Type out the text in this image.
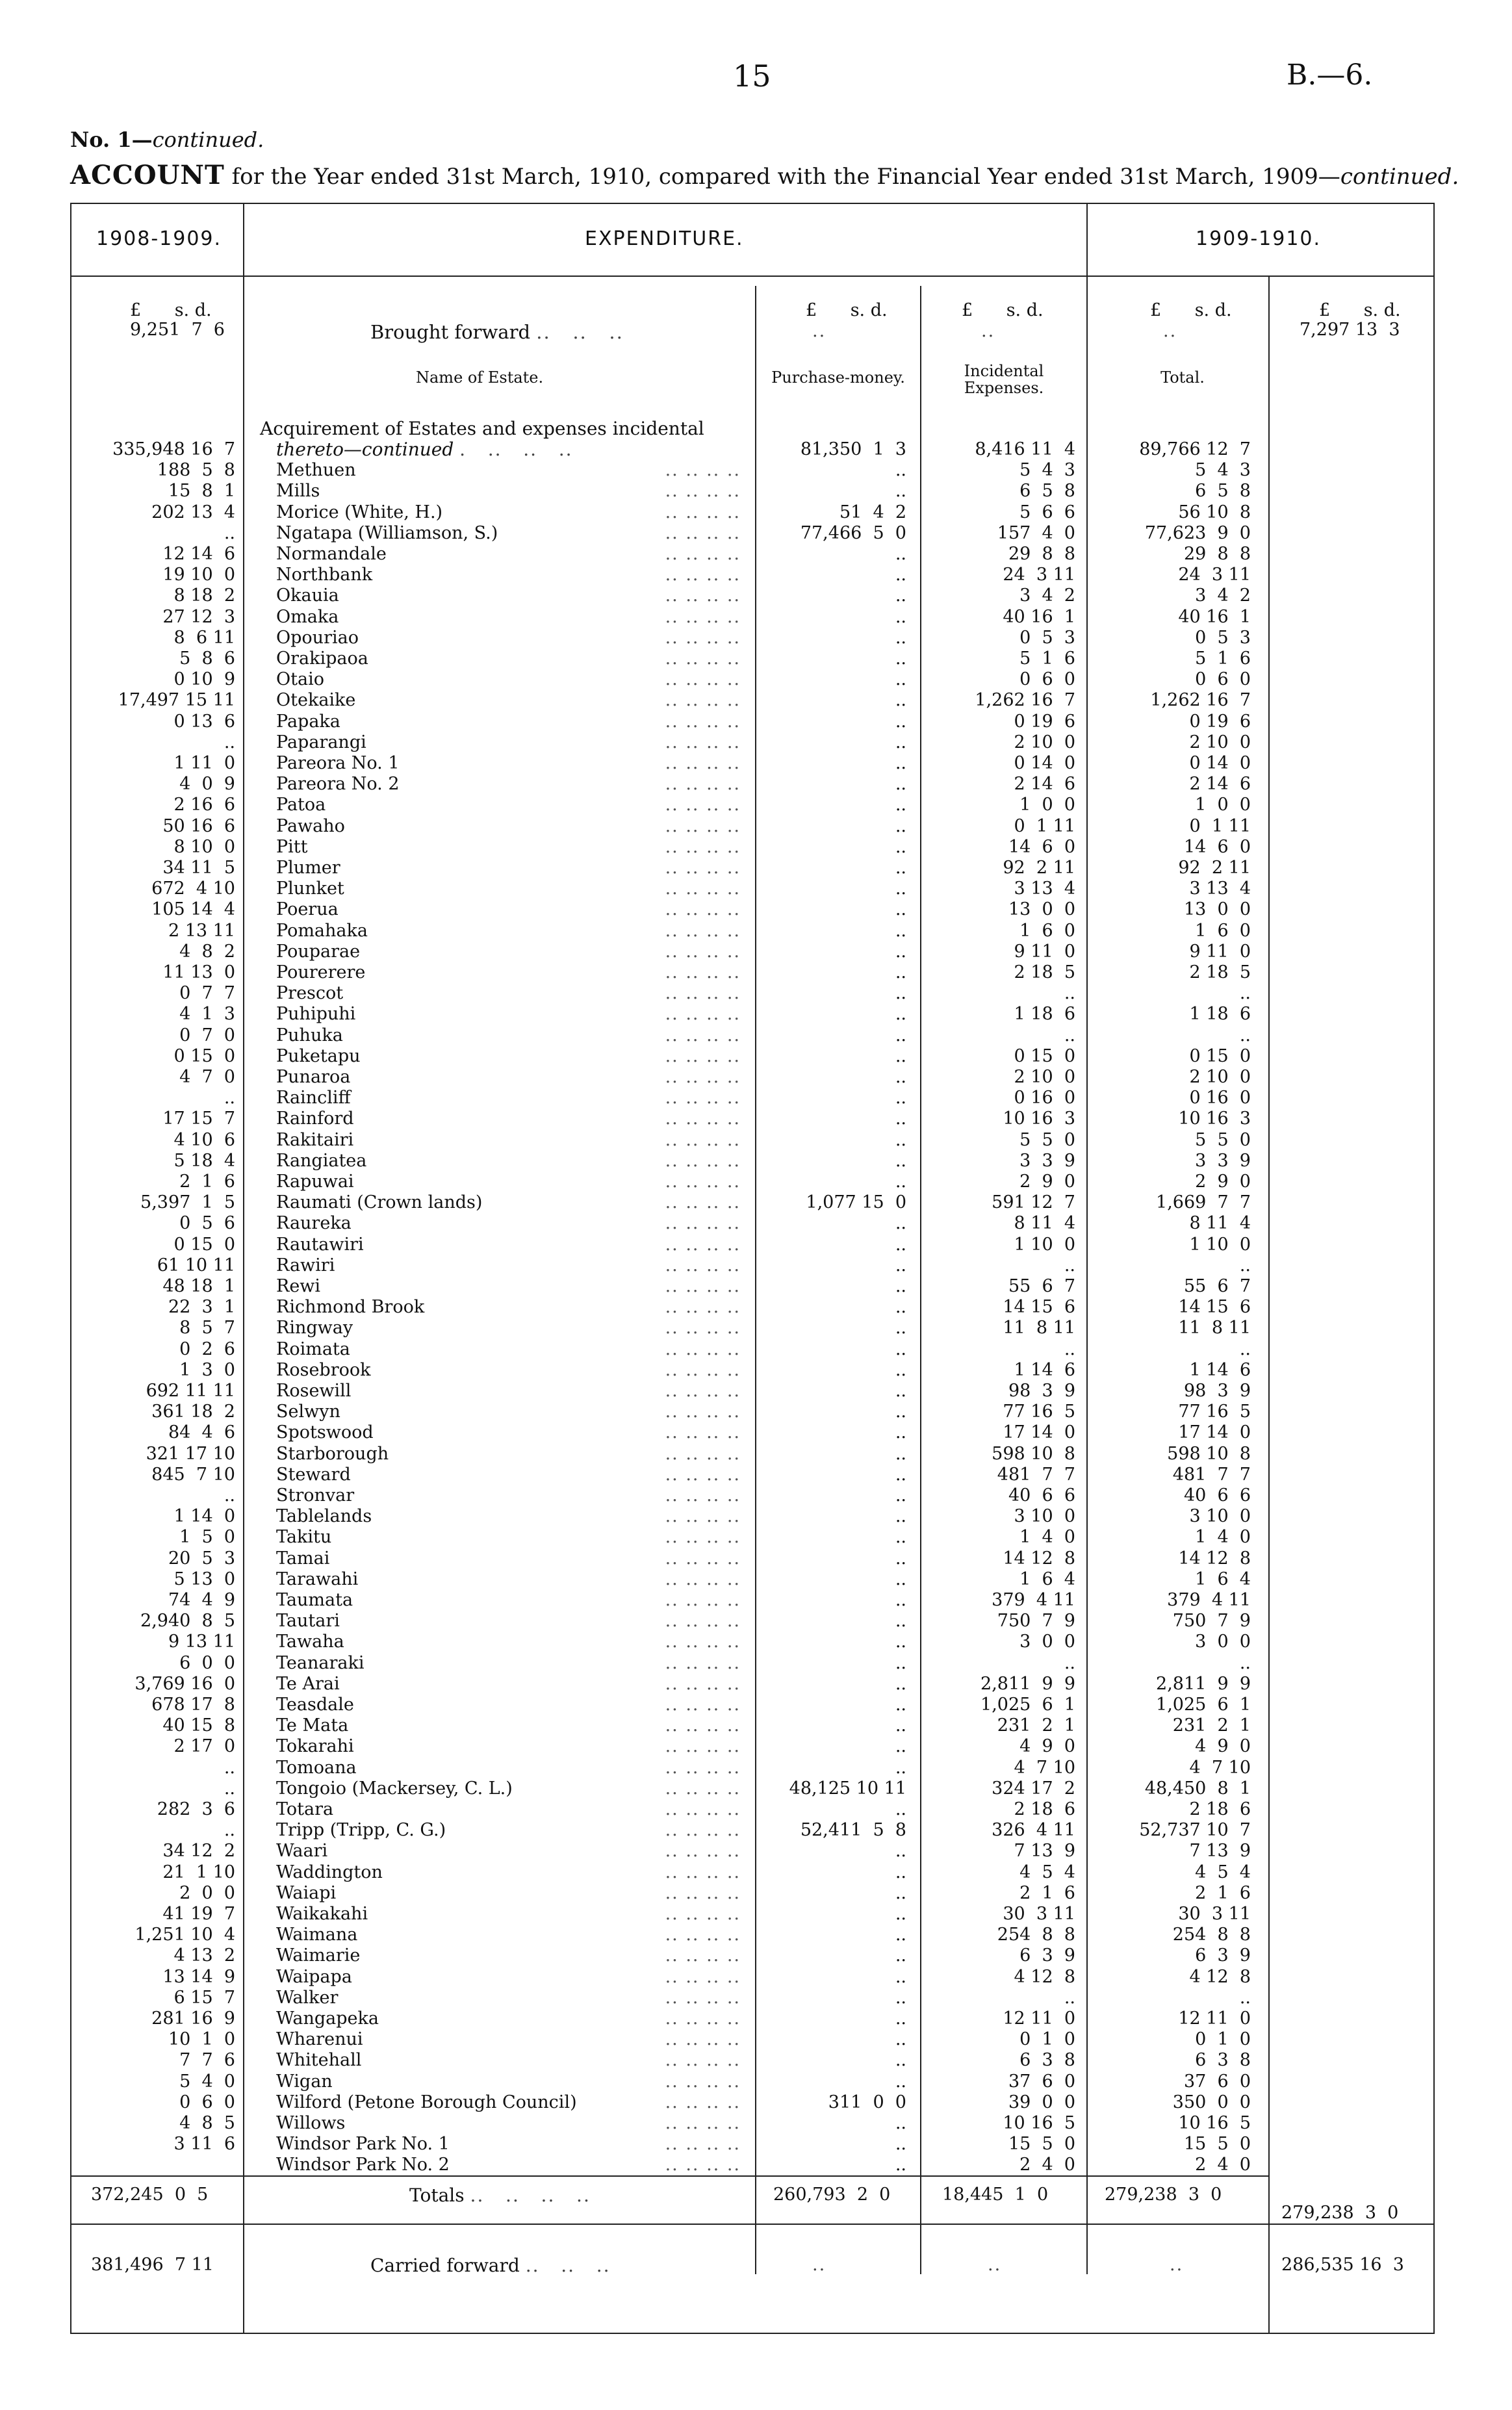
15	B.—6.
No. 1—continued.
ACCOUNT for the Year ended 31st March, 1910, compared with the Financial Year ended 31st March, 1909—continued.
1908-1909.	EXPENDITURE.	1909-1910.
£ s. d.	£ s. d.	£ s. d.	£ s. d.	£ s. d.
9,251  7  6	Brought forward ..   ..   ..	..	..	..	7,297 13  3
Name of Estate.	Purchase-money.	Incidental Expenses.
Total.
Acquirement of Estates and expenses incidental
thereto—continued .   ..   ..   ..
335,948 16  7	81,350  1  3	8,416 11  4	89,766 12  7
188  5  8 Methuen	.. .. .. ..	..	5  4  3	5  4  3
15  8  1 Mills	.. .. .. ..	..	6  5  8	6  5  8
202 13  4 Morice (White, H.)	.. .. .. ..	51  4  2	5  6  6	56 10  8
.. Ngatapa (Williamson, S.)	.. .. .. ..	77,466  5  0	157  4  0	77,623  9  0
12 14  6 Normandale	.. .. .. ..	..	29  8  8	29  8  8
19 10  0 Northbank	.. .. .. ..	..	24  3 11	24  3 11
8 18  2 Okauia	.. .. .. ..	..	3  4  2	3  4  2
27 12  3 Omaka	.. .. .. ..	..	40 16  1	40 16  1
8  6 11 Opouriao	.. .. .. ..	..	0  5  3	0  5  3
5  8  6 Orakipaoa	.. .. .. ..	..	5  1  6	5  1  6
0 10  9 Otaio	.. .. .. ..	..	0  6  0	0  6  0
17,497 15 11 Otekaike	.. .. .. ..	..	1,262 16  7	1,262 16  7
0 13  6 Papaka	.. .. .. ..	..	0 19  6	0 19  6
.. Paparangi	.. .. .. ..	..	2 10  0	2 10  0
1 11  0 Pareora No. 1	.. .. .. ..	..	0 14  0	0 14  0
4  0  9 Pareora No. 2	.. .. .. ..	..	2 14  6	2 14  6
2 16  6 Patoa	.. .. .. ..	..	1  0  0	1  0  0
50 16  6 Pawaho	.. .. .. ..	..	0  1 11	0  1 11
8 10  0 Pitt	.. .. .. ..	..	14  6  0	14  6  0
34 11  5 Plumer	.. .. .. ..	..	92  2 11	92  2 11
672  4 10 Plunket	.. .. .. ..	..	3 13  4	3 13  4
105 14  4 Poerua	.. .. .. ..	..	13  0  0	13  0  0
2 13 11 Pomahaka	.. .. .. ..	..	1  6  0	1  6  0
4  8  2 Pouparae	.. .. .. ..	..	9 11  0	9 11  0
11 13  0 Pourerere	.. .. .. ..	..	2 18  5	2 18  5
0  7  7 Prescot	.. .. .. ..	..	..	..
4  1  3 Puhipuhi	.. .. .. ..	..	1 18  6	1 18  6
0  7  0 Puhuka	.. .. .. ..	..	..	..
0 15  0 Puketapu	.. .. .. ..	..	0 15  0	0 15  0
4  7  0 Punaroa	.. .. .. ..	..	2 10  0	2 10  0
.. Raincliff	.. .. .. ..	..	0 16  0	0 16  0
17 15  7 Rainford	.. .. .. ..	..	10 16  3	10 16  3
4 10  6 Rakitairi	.. .. .. ..	..	5  5  0	5  5  0
5 18  4 Rangiatea	.. .. .. ..	..	3  3  9	3  3  9
2  1  6 Rapuwai	.. .. .. ..	..	2  9  0	2  9  0
5,397  1  5 Raumati (Crown lands)	.. .. .. ..	1,077 15  0	591 12  7	1,669  7  7
0  5  6 Raureka	.. .. .. ..	..	8 11  4	8 11  4
0 15  0 Rautawiri	.. .. .. ..	..	1 10  0	1 10  0
61 10 11 Rawiri	.. .. .. ..	..	..	..
48 18  1 Rewi	.. .. .. ..	..	55  6  7	55  6  7
22  3  1 Richmond Brook	.. .. .. ..	..	14 15  6	14 15  6
8  5  7 Ringway	.. .. .. ..	..	11  8 11	11  8 11
0  2  6 Roimata	.. .. .. ..	..	..	..
1  3  0 Rosebrook	.. .. .. ..	..	1 14  6	1 14  6
692 11 11 Rosewill	.. .. .. ..	..	98  3  9	98  3  9
361 18  2 Selwyn	.. .. .. ..	..	77 16  5	77 16  5
84  4  6 Spotswood	.. .. .. ..	..	17 14  0	17 14  0
321 17 10 Starborough	.. .. .. ..	..	598 10  8	598 10  8
845  7 10 Steward	.. .. .. ..	..	481  7  7	481  7  7
.. Stronvar	.. .. .. ..	..	40  6  6	40  6  6
1 14  0 Tablelands	.. .. .. ..	..	3 10  0	3 10  0
1  5  0 Takitu	.. .. .. ..	..	1  4  0	1  4  0
20  5  3 Tamai	.. .. .. ..	..	14 12  8	14 12  8
5 13  0 Tarawahi	.. .. .. ..	..	1  6  4	1  6  4
74  4  9 Taumata	.. .. .. ..	..	379  4 11	379  4 11
2,940  8  5 Tautari	.. .. .. ..	..	750  7  9	750  7  9
9 13 11 Tawaha	.. .. .. ..	..	3  0  0	3  0  0
6  0  0 Teanaraki	.. .. .. ..	..	..	..
3,769 16  0 Te Arai	.. .. .. ..	..	2,811  9  9	2,811  9  9
678 17  8 Teasdale	.. .. .. ..	..	1,025  6  1	1,025  6  1
40 15  8 Te Mata	.. .. .. ..	..	231  2  1	231  2  1
2 17  0 Tokarahi	.. .. .. ..	..	4  9  0	4  9  0
.. Tomoana	.. .. .. ..	..	4  7 10	4  7 10
.. Tongoio (Mackersey, C. L.)	.. .. .. ..	48,125 10 11	324 17  2	48,450  8  1
282  3  6 Totara	.. .. .. ..	..	2 18  6	2 18  6
.. Tripp (Tripp, C. G.)	.. .. .. ..	52,411  5  8	326  4 11	52,737 10  7
34 12  2 Waari	.. .. .. ..	..	7 13  9	7 13  9
21  1 10 Waddington	.. .. .. ..	..	4  5  4	4  5  4
2  0  0 Waiapi	.. .. .. ..	..	2  1  6	2  1  6
41 19  7 Waikakahi	.. .. .. ..	..	30  3 11	30  3 11
1,251 10  4 Waimana	.. .. .. ..	..	254  8  8	254  8  8
4 13  2 Waimarie	.. .. .. ..	..	6  3  9	6  3  9
13 14  9 Waipapa	.. .. .. ..	..	4 12  8	4 12  8
6 15  7 Walker	.. .. .. ..	..	..	..
281 16  9 Wangapeka	.. .. .. ..	..	12 11  0	12 11  0
10  1  0 Wharenui	.. .. .. ..	..	0  1  0	0  1  0
7  7  6 Whitehall	.. .. .. ..	..	6  3  8	6  3  8
5  4  0 Wigan	.. .. .. ..	..	37  6  0	37  6  0
0  6  0 Wilford (Petone Borough Council)	.. .. .. ..	311  0  0	39  0  0	350  0  0
4  8  5 Willows	.. .. .. ..	..	10 16  5	10 16  5
3 11  6 Windsor Park No. 1	.. .. .. ..	..	15  5  0	15  5  0
Windsor Park No. 2	.. .. .. ..	..	2  4  0	2  4  0
372,245  0  5	Totals ..   ..   ..   ..	260,793  2  0	18,445  1  0	279,238  3  0
279,238  3  0
381,496  7 11	Carried forward ..   ..   ..	..	..	..	286,535 16  3
